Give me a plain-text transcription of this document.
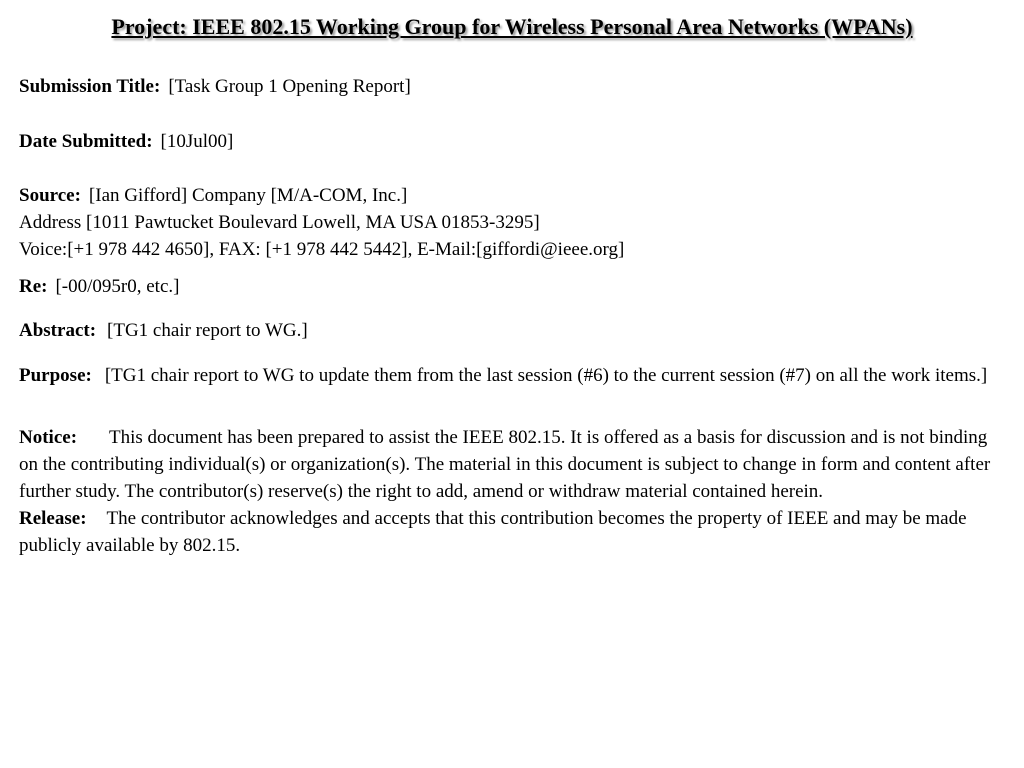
Project: IEEE 802.15 Working Group for Wireless Personal Area Networks (WPANs)
Submission Title: [Task Group 1 Opening Report]
Date Submitted: [10Jul00]
Source: [Ian Gifford] Company [M/A-COM, Inc.]
Address [1011 Pawtucket Boulevard Lowell, MA USA 01853-3295]
Voice:[+1 978 442 4650], FAX: [+1 978 442 5442], E-Mail:[giffordi@ieee.org]
Re: [-00/095r0, etc.]
Abstract: [TG1 chair report to WG.]
Purpose: [TG1 chair report to WG to update them from the last session (#6) to the current session (#7) on all the work items.]
Notice: This document has been prepared to assist the IEEE 802.15. It is offered as a basis for discussion and is not binding on the contributing individual(s) or organization(s). The material in this document is subject to change in form and content after further study. The contributor(s) reserve(s) the right to add, amend or withdraw material contained herein.
Release: The contributor acknowledges and accepts that this contribution becomes the property of IEEE and may be made publicly available by 802.15.
